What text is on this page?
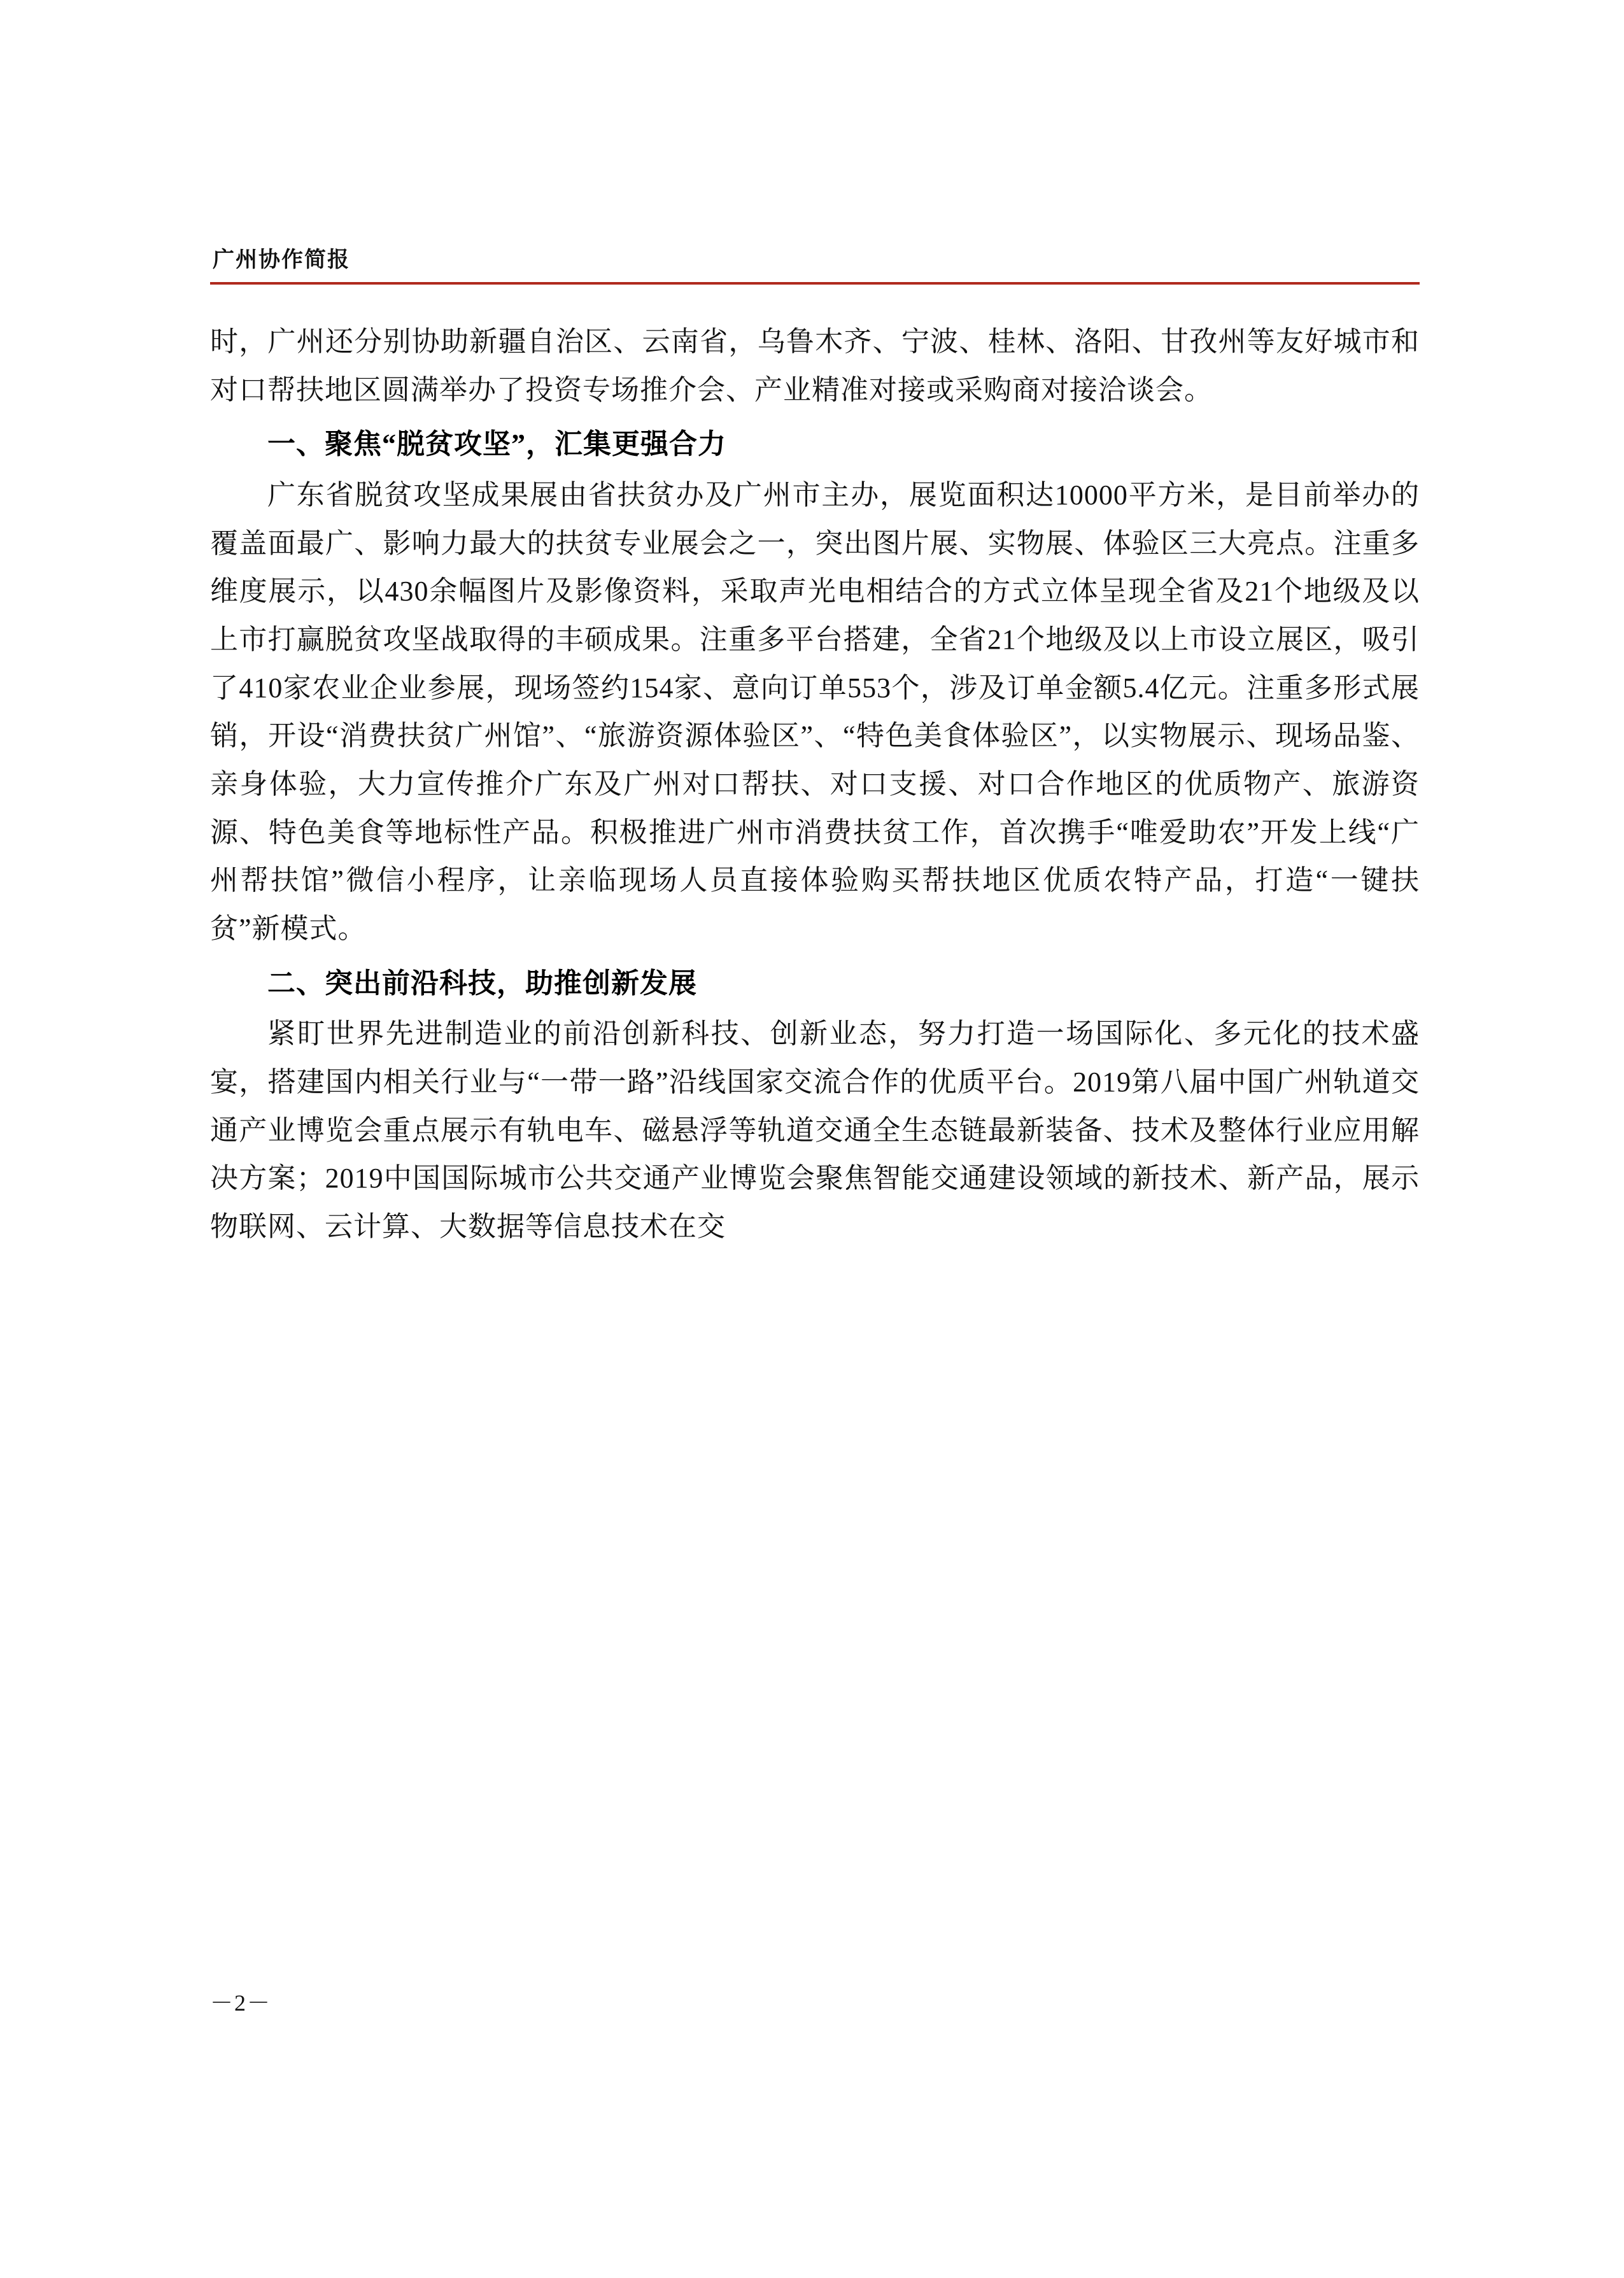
广州协作简报

时，广州还分别协助新疆自治区、云南省，乌鲁木齐、宁波、桂林、洛阳、甘孜州等友好城市和对口帮扶地区圆满举办了投资专场推介会、产业精准对接或采购商对接洽谈会。

一、聚焦“脱贫攻坚”，汇集更强合力

广东省脱贫攻坚成果展由省扶贫办及广州市主办，展览面积达10000平方米，是目前举办的覆盖面最广、影响力最大的扶贫专业展会之一，突出图片展、实物展、体验区三大亮点。注重多维度展示，以430余幅图片及影像资料，采取声光电相结合的方式立体呈现全省及21个地级及以上市打赢脱贫攻坚战取得的丰硕成果。注重多平台搭建，全省21个地级及以上市设立展区，吸引了410家农业企业参展，现场签约154家、意向订单553个，涉及订单金额5.4亿元。注重多形式展销，开设“消费扶贫广州馆”、“旅游资源体验区”、“特色美食体验区”，以实物展示、现场品鉴、亲身体验，大力宣传推介广东及广州对口帮扶、对口支援、对口合作地区的优质物产、旅游资源、特色美食等地标性产品。积极推进广州市消费扶贫工作，首次携手“唯爱助农”开发上线“广州帮扶馆”微信小程序，让亲临现场人员直接体验购买帮扶地区优质农特产品，打造“一键扶贫”新模式。

二、突出前沿科技，助推创新发展

紧盯世界先进制造业的前沿创新科技、创新业态，努力打造一场国际化、多元化的技术盛宴，搭建国内相关行业与“一带一路”沿线国家交流合作的优质平台。2019第八届中国广州轨道交通产业博览会重点展示有轨电车、磁悬浮等轨道交通全生态链最新装备、技术及整体行业应用解决方案；2019中国国际城市公共交通产业博览会聚焦智能交通建设领域的新技术、新产品，展示物联网、云计算、大数据等信息技术在交

－2－
